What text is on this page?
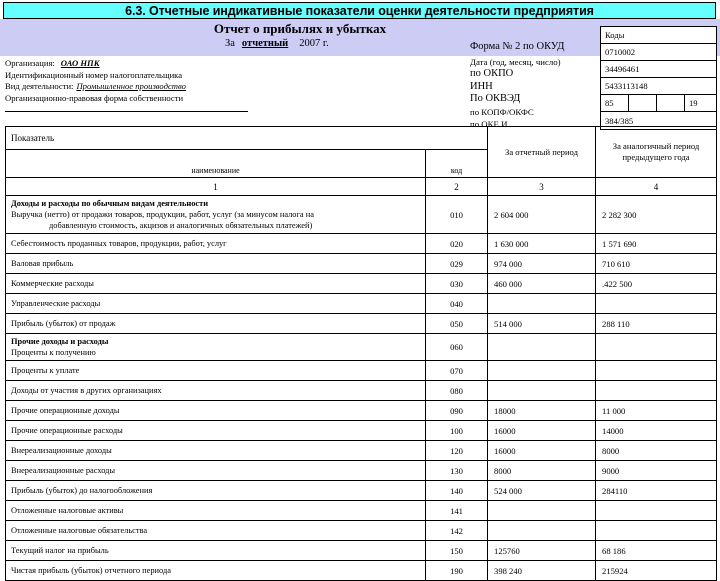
6.3. Отчетные индикативные показатели оценки деятельности предприятия
Отчет о прибылях и убытках
За отчетный 2007 г.	Форма № 2 по ОКУД
Организация: ОАО НПК
Идентификационный номер налогоплательщика
Вид деятельности: Промышленное производство
Организационно-правовая форма собственности
Дата (год, месяц, число)
по ОКПО
ИНН
По ОКВЭД
по КОПФ/ОКФС
по ОКЕ И
Коды
0710002
34496461
5433113148
85	19
384/385
Показатель		За отчетный период	За аналогичный период
предыдущего года
наименование	код		
1	2	3	4

Доходы и расходы по обычным видам деятельности
Выручка (нетто) от продажи товаров, продукции, работ, услуг (за минусом налога на
добавленную стоимость, акцизов и аналогичных обязательных платежей)	010	2 604 000	2 282 300

Себестоимость проданных товаров, продукции, работ, услуг	020	1 630 000	1 571 690

Валовая прибыль	029	974 000	710 610

Коммерческие расходы	030	460 000	.422 500

Управленческие расходы	040		

Прибыль (убыток) от продаж	050	514 000	288 110

Прочие доходы и расходы
Проценты к получению	060		

Проценты к уплате	070		

Доходы от участия в других организациях	080		

Прочие операционные доходы	090	18000	11 000

Прочие операционные расходы	100	16000	14000

Внереализационные доходы	120	16000	8000

Внереализационные расходы	130	8000	9000

Прибыль (убыток) до налогообложения	140	524 000	284110

Отложенные налоговые активы	141		

Отложенные налоговые обязательства	142		

Текущий налог на прибыль	150	125760	68 186

Чистая прибыль (убыток) отчетного периода	190	398 240	215924
